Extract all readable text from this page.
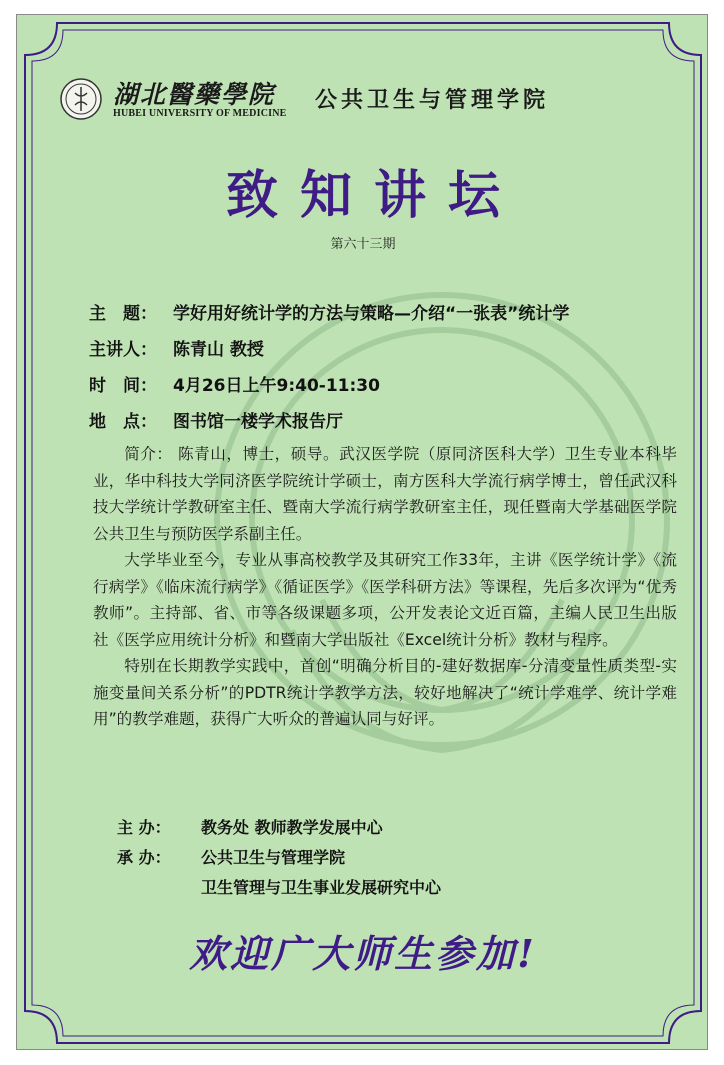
湖北醫藥學院
HUBEI UNIVERSITY OF MEDICINE
公共卫生与管理学院
致知讲坛
第六十三期
主　题： 学好用好统计学的方法与策略—介绍“一张表”统计学
主讲人： 陈青山 教授
时　间： 4月26日上午9:40-11:30
地　点： 图书馆一楼学术报告厅

简介： 陈青山，博士，硕导。武汉医学院（原同济医科大学）卫生专业本科毕业，华中科技大学同济医学院统计学硕士，南方医科大学流行病学博士，曾任武汉科技大学统计学教研室主任、暨南大学流行病学教研室主任，现任暨南大学基础医学院公共卫生与预防医学系副主任。

大学毕业至今，专业从事高校教学及其研究工作33年，主讲《医学统计学》《流行病学》《临床流行病学》《循证医学》《医学科研方法》等课程，先后多次评为“优秀教师”。主持部、省、市等各级课题多项，公开发表论文近百篇，主编人民卫生出版社《医学应用统计分析》和暨南大学出版社《Excel统计分析》教材与程序。

特别在长期教学实践中，首创“明确分析目的-建好数据库-分清变量性质类型-实施变量间关系分析”的PDTR统计学教学方法，较好地解决了“统计学难学、统计学难用”的教学难题，获得广大听众的普遍认同与好评。

主 办：	教务处 教师教学发展中心
承 办：	公共卫生与管理学院
卫生管理与卫生事业发展研究中心
欢迎广大师生参加!
